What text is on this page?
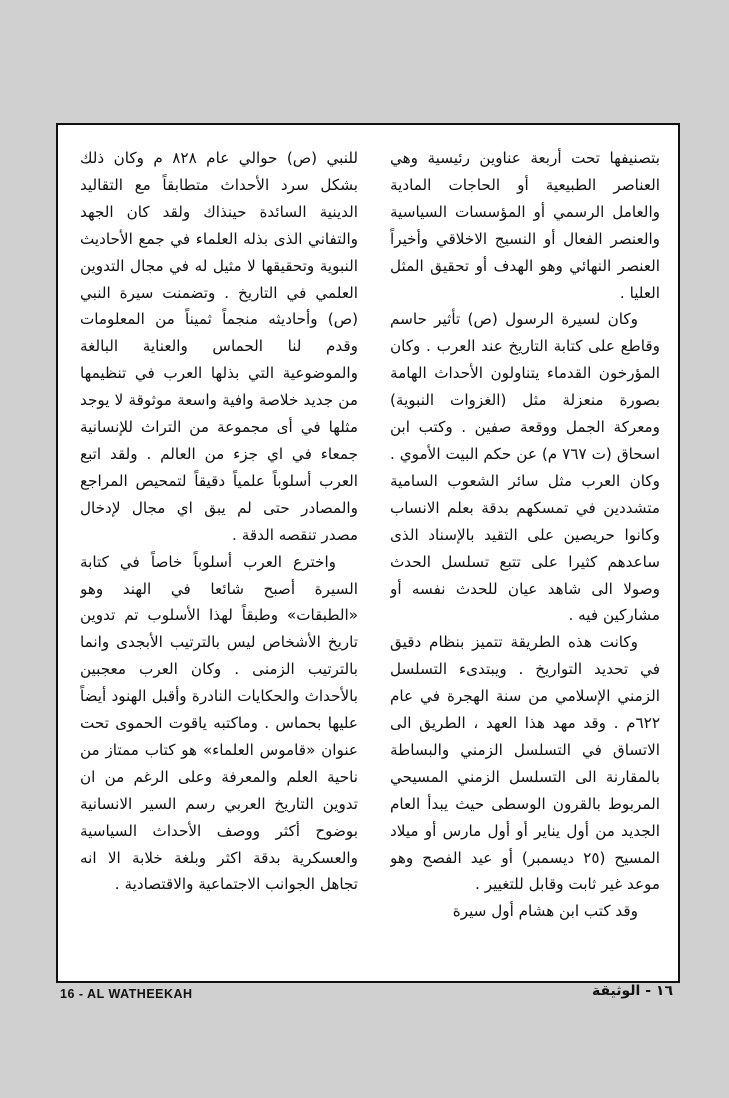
بتصنيفها تحت أربعة عناوين رئيسية وهي العناصر الطبيعية أو الحاجات المادية والعامل الرسمي أو المؤسسات السياسية والعنصر الفعال أو النسيج الاخلاقي وأخيراً العنصر النهائي وهو الهدف أو تحقيق المثل العليا .

وكان لسيرة الرسول (ص) تأثير حاسم وقاطع على كتابة التاريخ عند العرب . وكان المؤرخون القدماء يتناولون الأحداث الهامة بصورة منعزلة مثل (الغزوات النبوية) ومعركة الجمل ووقعة صفين . وكتب ابن اسحاق (ت ٧٦٧ م) عن حكم البيت الأموي . وكان العرب مثل سائر الشعوب السامية متشددين في تمسكهم بدقة بعلم الانساب وكانوا حريصين على التقيد بالإسناد الذى ساعدهم كثيرا على تتبع تسلسل الحدث وصولا الى شاهد عيان للحدث نفسه أو مشاركين فيه .

وكانت هذه الطريقة تتميز بنظام دقيق في تحديد التواريخ . ويبتدىء التسلسل الزمني الإسلامي من سنة الهجرة في عام ٦٢٢م . وقد مهد هذا العهد ، الطريق الى الاتساق في التسلسل الزمني والبساطة بالمقارنة الى التسلسل الزمني المسيحي المربوط بالقرون الوسطى حيث يبدأ العام الجديد من أول يناير أو أول مارس أو ميلاد المسيح (٢٥ ديسمبر) أو عيد الفصح وهو موعد غير ثابت وقابل للتغيير .

وقد كتب ابن هشام أول سيرة

للنبي (ص) حوالي عام ٨٢٨ م وكان ذلك بشكل سرد الأحداث متطابقاً مع التقاليد الدينية السائدة حينذاك ولقد كان الجهد والتفاني الذى بذله العلماء في جمع الأحاديث النبوية وتحقيقها لا مثيل له في مجال التدوين العلمي في التاريخ . وتضمنت سيرة النبي (ص) وأحاديثه منجماً ثميناً من المعلومات وقدم لنا الحماس والعناية البالغة والموضوعية التي بذلها العرب في تنظيمها من جديد خلاصة وافية واسعة موثوقة لا يوجد مثلها في أى مجموعة من التراث للإنسانية جمعاء في اي جزء من العالم . ولقد اتبع العرب أسلوباً علمياً دقيقاً لتمحيص المراجع والمصادر حتى لم يبق اي مجال لإدخال مصدر تنقصه الدقة .

واخترع العرب أسلوباً خاصاً في كتابة السيرة أصبح شائعا في الهند وهو «الطبقات» وطبقاً لهذا الأسلوب تم تدوين تاريخ الأشخاص ليس بالترتيب الأبجدى وانما بالترتيب الزمنى . وكان العرب معجبين بالأحداث والحكايات النادرة وأقبل الهنود أيضاً عليها بحماس . وماكتبه ياقوت الحموى تحت عنوان «قاموس العلماء» هو كتاب ممتاز من ناحية العلم والمعرفة وعلى الرغم من ان تدوين التاريخ العربي رسم السير الانسانية بوضوح أكثر ووصف الأحداث السياسية والعسكرية بدقة اكثر وبلغة خلابة الا انه تجاهل الجوانب الاجتماعية والاقتصادية .

16 - AL WATHEEKAH	١٦ - الوثيقة
